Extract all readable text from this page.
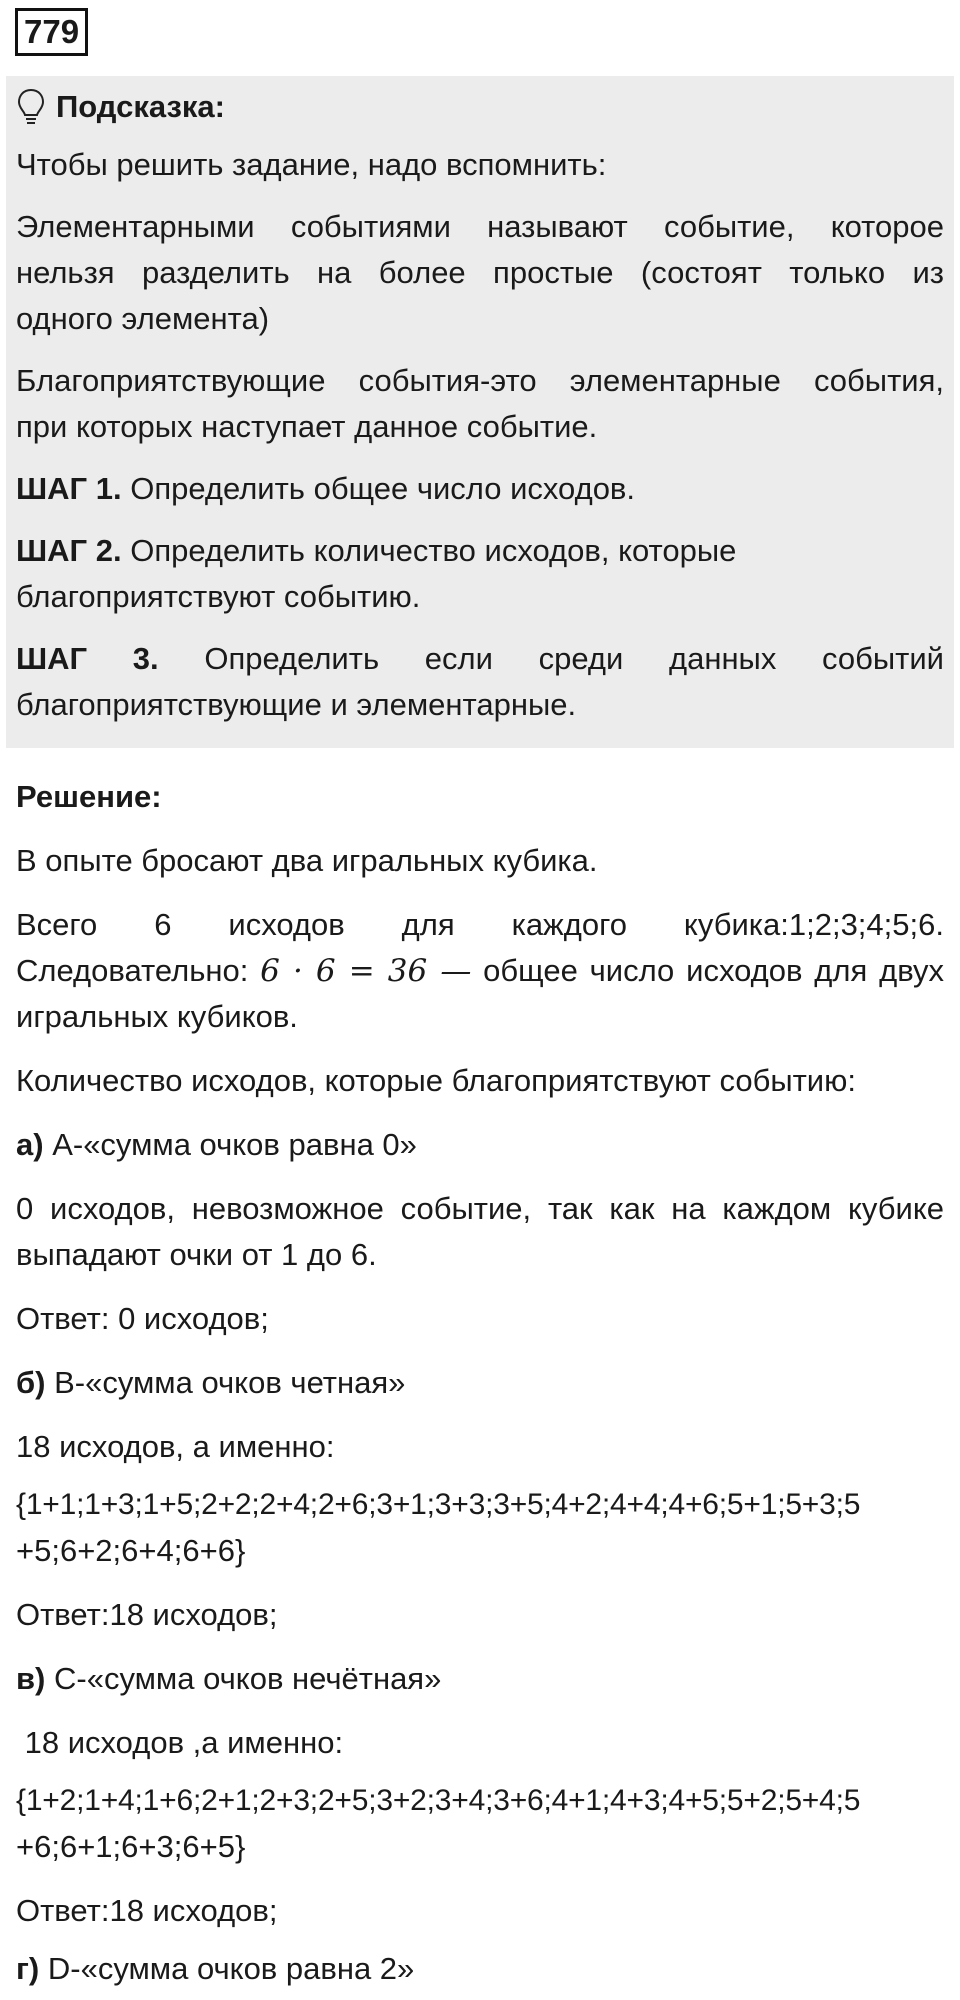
779
Подсказка:
Чтобы решить задание, надо вспомнить:
Элементарными событиями называют событие, которое
нельзя разделить на более простые (состоят только из
одного элемента)
Благоприятствующие события-это элементарные события,
при которых наступает данное событие.
ШАГ 1. Определить общее число исходов.
ШАГ 2. Определить количество исходов, которые
благоприятствуют событию.
ШАГ 3. Определить если среди данных событий
благоприятствующие и элементарные.
Решение:
В опыте бросают два игральных кубика.
Всего 6 исходов для каждого кубика:1;2;3;4;5;6.
Следовательно: 6 · 6 = 36 — общее число исходов для двух
игральных кубиков.
Количество исходов, которые благоприятствуют событию:
а) А-«сумма очков равна 0»
0 исходов, невозможное событие, так как на каждом кубике
выпадают очки от 1 до 6.
Ответ: 0 исходов;
б) В-«сумма очков четная»
18 исходов, а именно:
{1+1;1+3;1+5;2+2;2+4;2+6;3+1;3+3;3+5;4+2;4+4;4+6;5+1;5+3;5
+5;6+2;6+4;6+6}
Ответ:18 исходов;
в) С-«сумма очков нечётная»
18 исходов ,а именно:
{1+2;1+4;1+6;2+1;2+3;2+5;3+2;3+4;3+6;4+1;4+3;4+5;5+2;5+4;5
+6;6+1;6+3;6+5}
Ответ:18 исходов;
г) D-«сумма очков равна 2»
